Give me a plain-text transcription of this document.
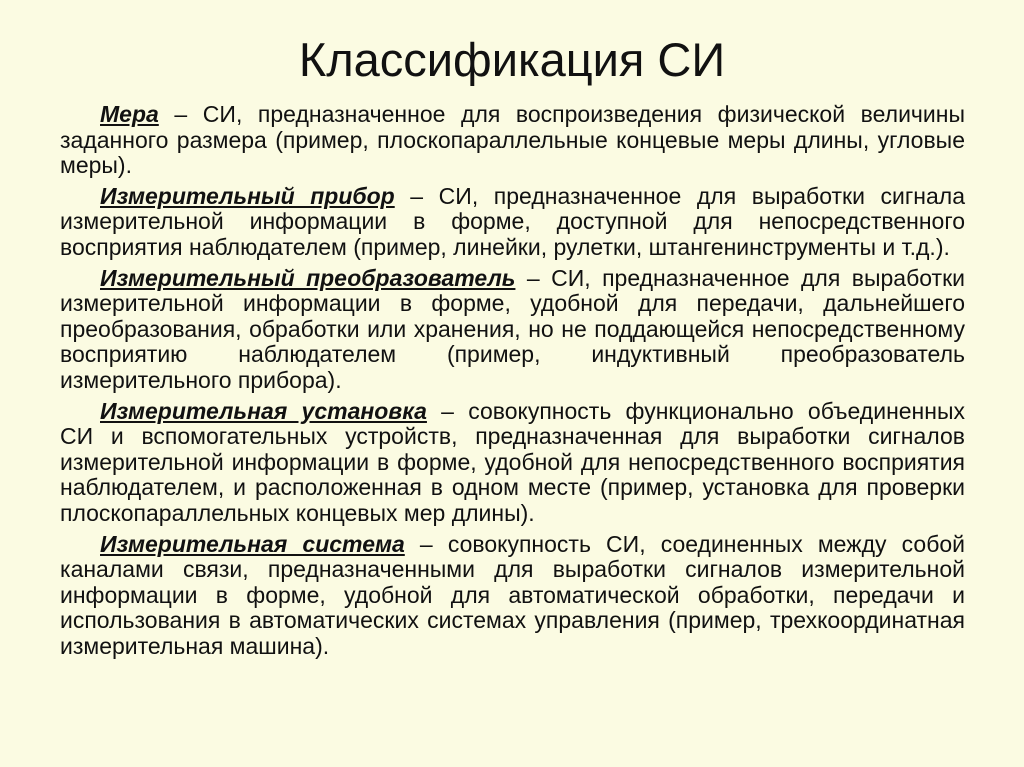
Классификация СИ

Мера – СИ, предназначенное для воспроизведения физической величины заданного размера (пример, плоскопараллельные концевые меры длины, угловые меры).

Измерительный прибор – СИ, предназначенное для выработки сигнала измерительной информации в форме, доступной для непосредственного восприятия наблюдателем (пример, линейки, рулетки, штангенинструменты и т.д.).

Измерительный преобразователь – СИ, предназначенное для выработки измерительной информации в форме, удобной для передачи, дальнейшего преобразования, обработки или хранения, но не поддающейся непосредственному восприятию наблюдателем (пример, индуктивный преобразователь измерительного прибора).

Измерительная установка – совокупность функционально объединенных СИ и вспомогательных устройств, предназначенная для выработки сигналов измерительной информации в форме, удобной для непосредственного восприятия наблюдателем, и расположенная в одном месте (пример, установка для проверки плоскопараллельных концевых мер длины).

Измерительная система – совокупность СИ, соединенных между собой каналами связи, предназначенными для выработки сигналов измерительной информации в форме, удобной для автоматической обработки, передачи и использования в автоматических системах управления (пример, трехкоординатная измерительная машина).
